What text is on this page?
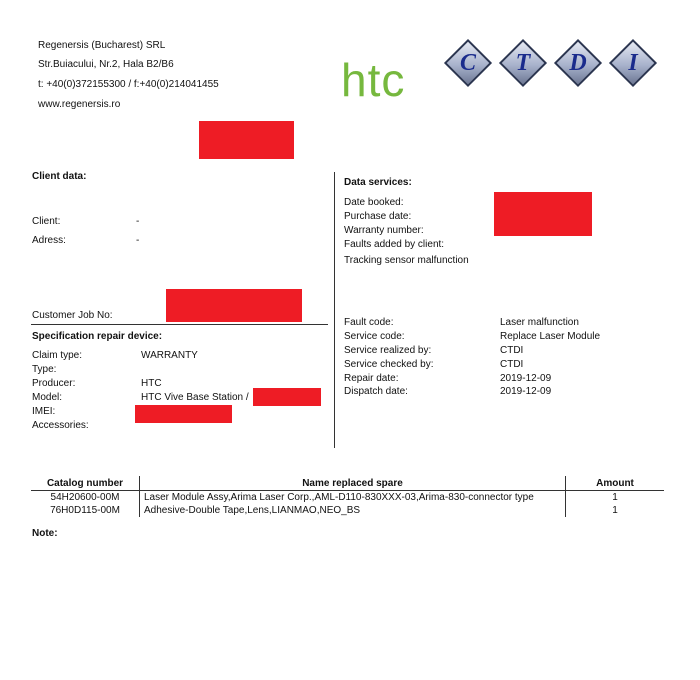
Regenersis (Bucharest) SRL
Str.Buiacului, Nr.2, Hala B2/B6
t: +40(0)372155300 / f:+40(0)214041455
www.regenersis.ro	htc	C	T	D	I
Client data:
Client:	-
Adress:	-
Customer Job No:
Data services:
Date booked:
Purchase date:
Warranty number:
Faults added by client:
Tracking sensor malfunction
Specification repair device:
Claim type:	WARRANTY
Type:
Producer:	HTC
Model:	HTC Vive Base Station /
IMEI:
Accessories:
Fault code:	Laser malfunction
Service code:	Replace Laser Module
Service realized by:	CTDI
Service checked by:	CTDI
Repair date:	2019-12-09
Dispatch date:	2019-12-09
Catalog number	Name replaced spare	Amount
54H20600-00M	Laser Module Assy,Arima Laser Corp.,AML-D110-830XXX-03,Arima-830-connector type	1
76H0D115-00M	Adhesive-Double Tape,Lens,LIANMAO,NEO_BS	1
Note:
